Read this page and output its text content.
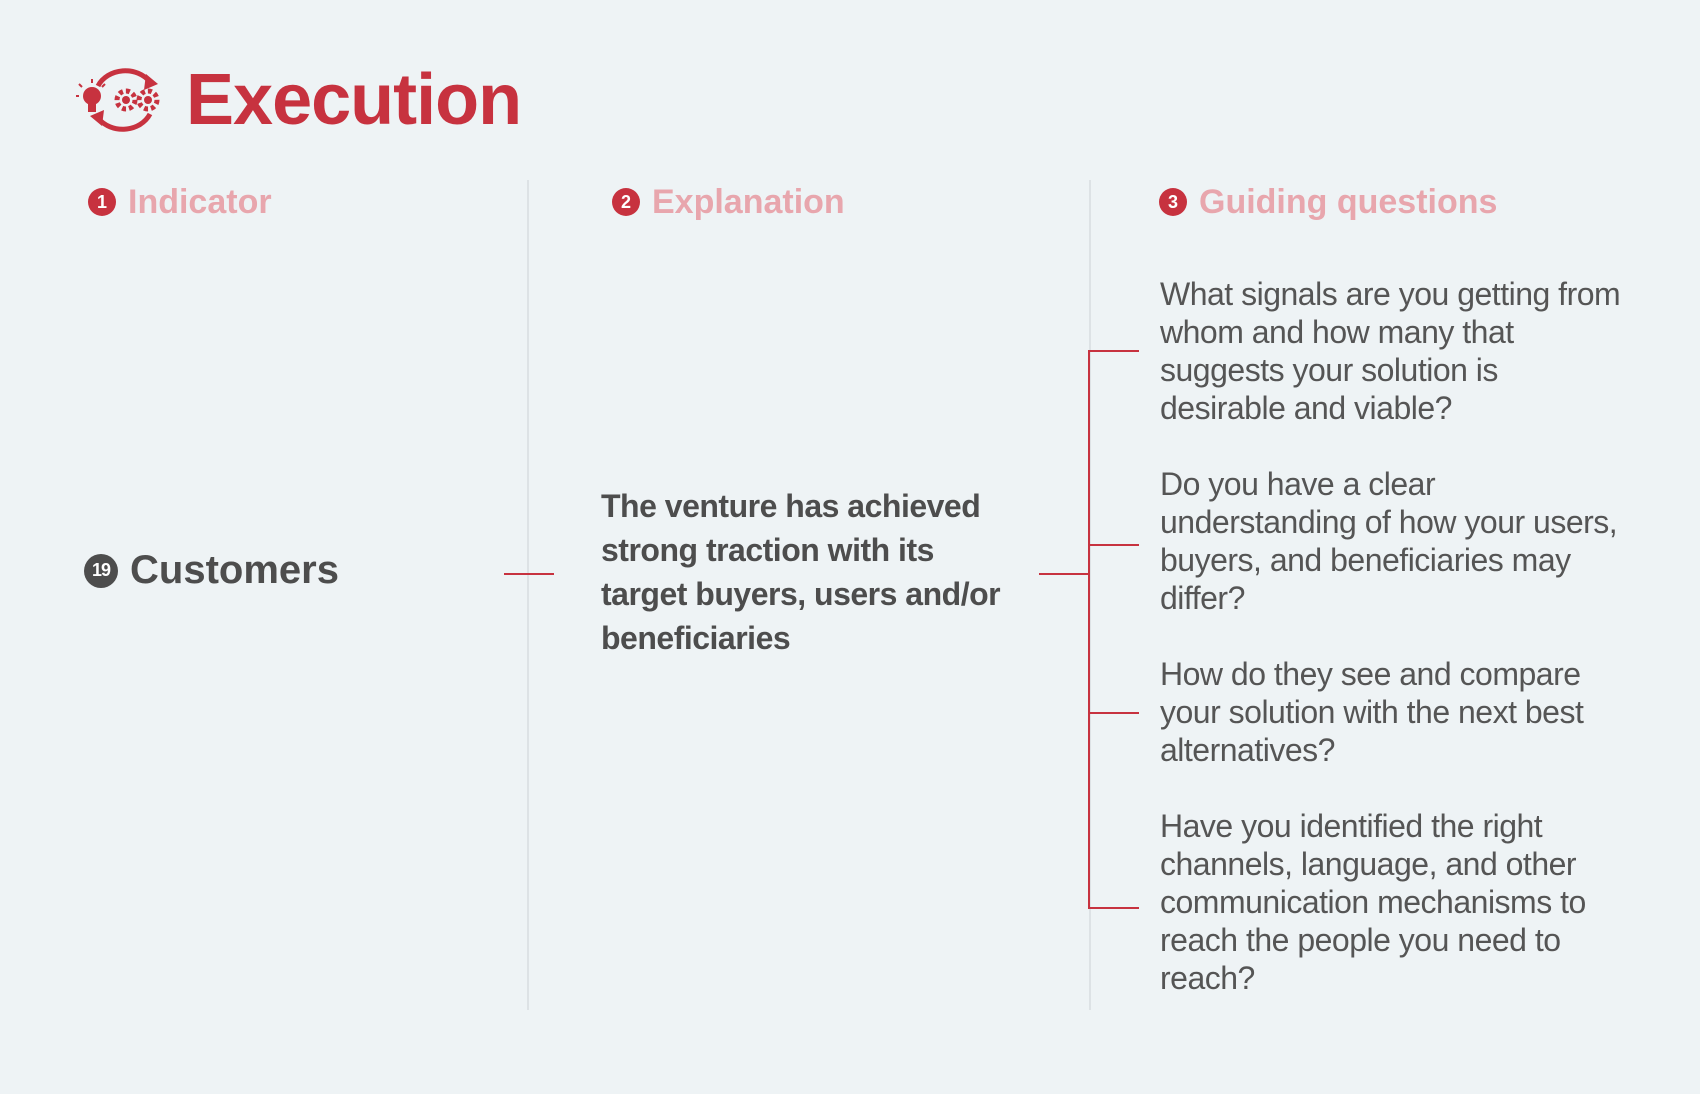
Execution
1 Indicator	2 Explanation	3 Guiding questions
19 Customers
The venture has achieved strong traction with its target buyers, users and/or beneficiaries
What signals are you getting from whom and how many that suggests your solution is desirable and viable?
Do you have a clear understanding of how your users, buyers, and beneficiaries may differ?
How do they see and compare your solution with the next best alternatives?
Have you identified the right channels, language, and other communication mechanisms to reach the people you need to reach?
